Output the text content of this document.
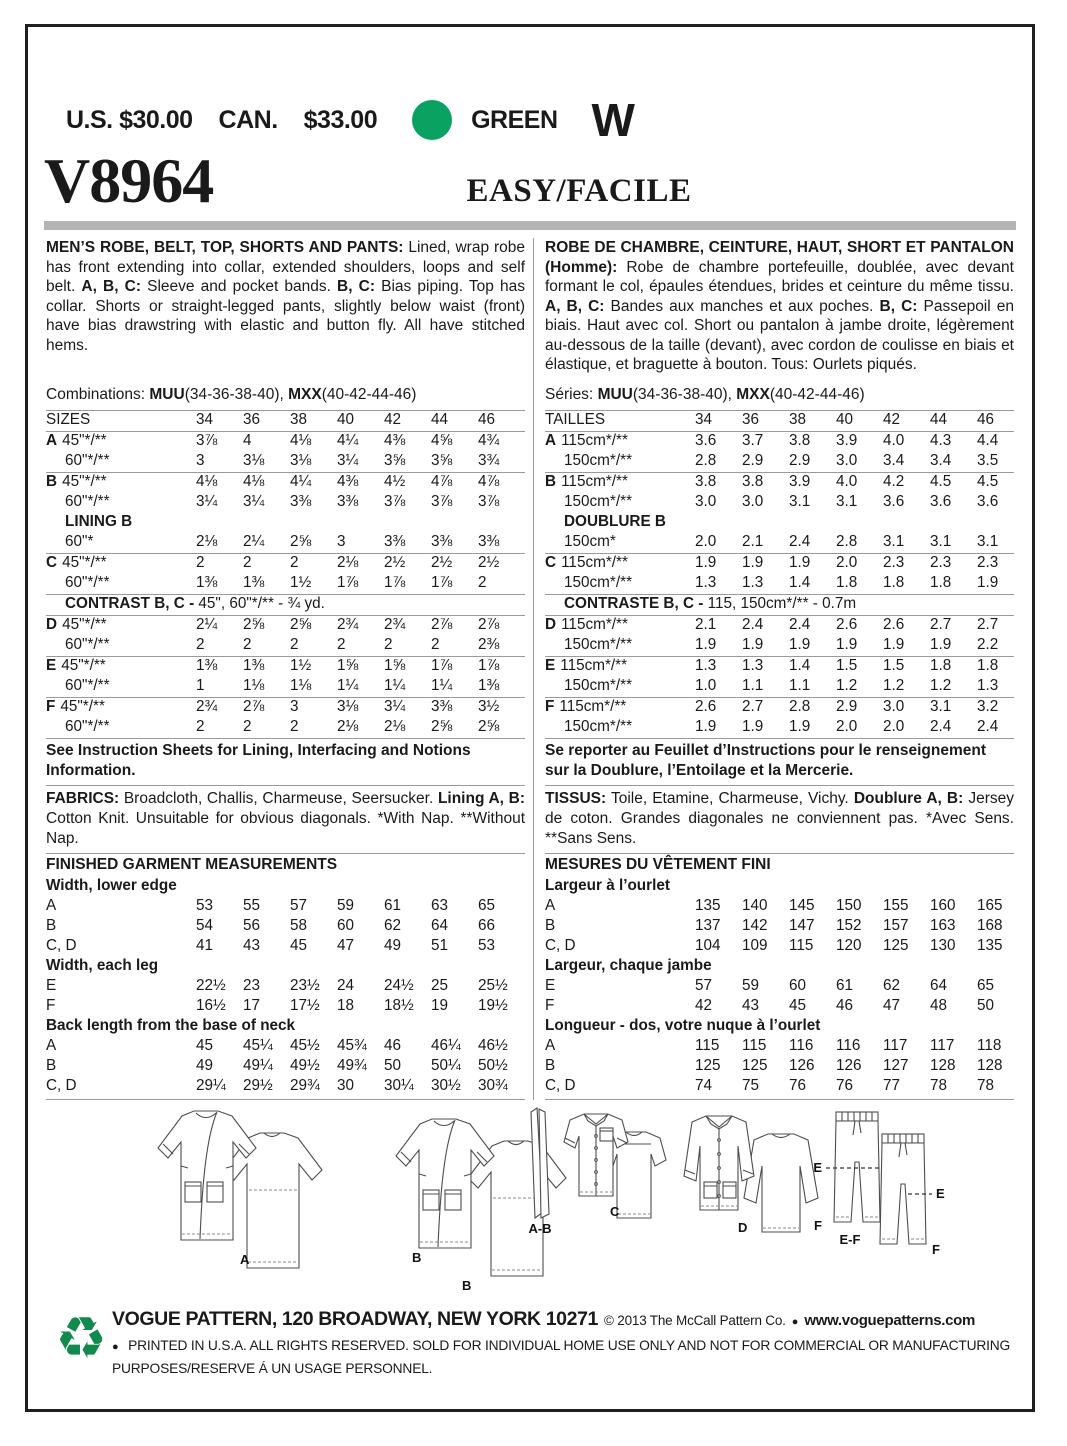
U.S. $30.00 CAN. $33.00	GREEN W
V8964	EASY/FACILE

MEN’S ROBE, BELT, TOP, SHORTS AND PANTS: Lined, wrap robe has front extending into collar, extended shoulders, loops and self belt. A, B, C: Sleeve and pocket bands. B, C: Bias piping. Top has collar. Shorts or straight-legged pants, slightly below waist (front) have bias drawstring with elastic and button fly. All have stitched hems.

Combinations: MUU(34-36-38-40), MXX(40-42-44-46)
SIZES	34	36	38	40	42	44	46
A 45"*/**	3⅞	4	4⅛	4¼	4⅜	4⅝	4¾
60"*/**	3	3⅛	3⅛	3¼	3⅝	3⅝	3¾
B 45"*/**	4⅛	4⅛	4¼	4⅜	4½	4⅞	4⅞
60"*/**	3¼	3¼	3⅜	3⅜	3⅞	3⅞	3⅞
LINING B
60"*	2⅛	2¼	2⅝	3	3⅜	3⅜	3⅜
C 45"*/**	2	2	2	2⅛	2½	2½	2½
60"*/**	1⅜	1⅜	1½	1⅞	1⅞	1⅞	2
CONTRAST B, C - 45", 60"*/** - ¾ yd.
D 45"*/**	2¼	2⅝	2⅝	2¾	2¾	2⅞	2⅞
60"*/**	2	2	2	2	2	2	2⅜
E 45"*/**	1⅜	1⅜	1½	1⅝	1⅝	1⅞	1⅞
60"*/**	1	1⅛	1⅛	1¼	1¼	1¼	1⅜
F 45"*/**	2¾	2⅞	3	3⅛	3¼	3⅜	3½
60"*/**	2	2	2	2⅛	2⅛	2⅝	2⅝
See Instruction Sheets for Lining, Interfacing and Notions Information.
FABRICS: Broadcloth, Challis, Charmeuse, Seersucker. Lining A, B: Cotton Knit. Unsuitable for obvious diagonals. *With Nap. **Without Nap.
FINISHED GARMENT MEASUREMENTS
Width, lower edge
A	53	55	57	59	61	63	65
B	54	56	58	60	62	64	66
C, D	41	43	45	47	49	51	53
Width, each leg
E	22½	23	23½	24	24½	25	25½
F	16½	17	17½	18	18½	19	19½
Back length from the base of neck
A	45	45¼	45½	45¾	46	46¼	46½
B	49	49¼	49½	49¾	50	50¼	50½
C, D	29¼	29½	29¾	30	30¼	30½	30¾

ROBE DE CHAMBRE, CEINTURE, HAUT, SHORT ET PANTALON (Homme): Robe de chambre portefeuille, doublée, avec devant formant le col, épaules étendues, brides et ceinture du même tissu. A, B, C: Bandes aux manches et aux poches. B, C: Passepoil en biais. Haut avec col. Short ou pantalon à jambe droite, légèrement au-dessous de la taille (devant), avec cordon de coulisse en biais et élastique, et braguette à bouton. Tous: Ourlets piqués.

Séries: MUU(34-36-38-40), MXX(40-42-44-46)
TAILLES	34	36	38	40	42	44	46
A 115cm*/**	3.6	3.7	3.8	3.9	4.0	4.3	4.4
150cm*/**	2.8	2.9	2.9	3.0	3.4	3.4	3.5
B 115cm*/**	3.8	3.8	3.9	4.0	4.2	4.5	4.5
150cm*/**	3.0	3.0	3.1	3.1	3.6	3.6	3.6
DOUBLURE B
150cm*	2.0	2.1	2.4	2.8	3.1	3.1	3.1
C 115cm*/**	1.9	1.9	1.9	2.0	2.3	2.3	2.3
150cm*/**	1.3	1.3	1.4	1.8	1.8	1.8	1.9
CONTRASTE B, C - 115, 150cm*/** - 0.7m
D 115cm*/**	2.1	2.4	2.4	2.6	2.6	2.7	2.7
150cm*/**	1.9	1.9	1.9	1.9	1.9	1.9	2.2
E 115cm*/**	1.3	1.3	1.4	1.5	1.5	1.8	1.8
150cm*/**	1.0	1.1	1.1	1.2	1.2	1.2	1.3
F 115cm*/**	2.6	2.7	2.8	2.9	3.0	3.1	3.2
150cm*/**	1.9	1.9	1.9	2.0	2.0	2.4	2.4
Se reporter au Feuillet d’Instructions pour le renseignement sur la Doublure, l’Entoilage et la Mercerie.
TISSUS: Toile, Etamine, Charmeuse, Vichy. Doublure A, B: Jersey de coton. Grandes diagonales ne conviennent pas. *Avec Sens. **Sans Sens.
MESURES DU VÊTEMENT FINI
Largeur à l’ourlet
A	135	140	145	150	155	160	165
B	137	142	147	152	157	163	168
C, D	104	109	115	120	125	130	135
Largeur, chaque jambe
E	57	59	60	61	62	64	65
F	42	43	45	46	47	48	50
Longueur - dos, votre nuque à l’ourlet
A	115	115	116	116	117	117	118
B	125	125	126	126	127	128	128
C, D	74	75	76	76	77	78	78
A	B
B
A-B
C
D
E
F
E-F
E
F
♻ VOGUE PATTERN, 120 BROADWAY, NEW YORK 10271 © 2013 The McCall Pattern Co. ● www.voguepatterns.com
● PRINTED IN U.S.A. ALL RIGHTS RESERVED. SOLD FOR INDIVIDUAL HOME USE ONLY AND NOT FOR COMMERCIAL OR MANUFACTURING PURPOSES/RESERVE Á UN USAGE PERSONNEL.
